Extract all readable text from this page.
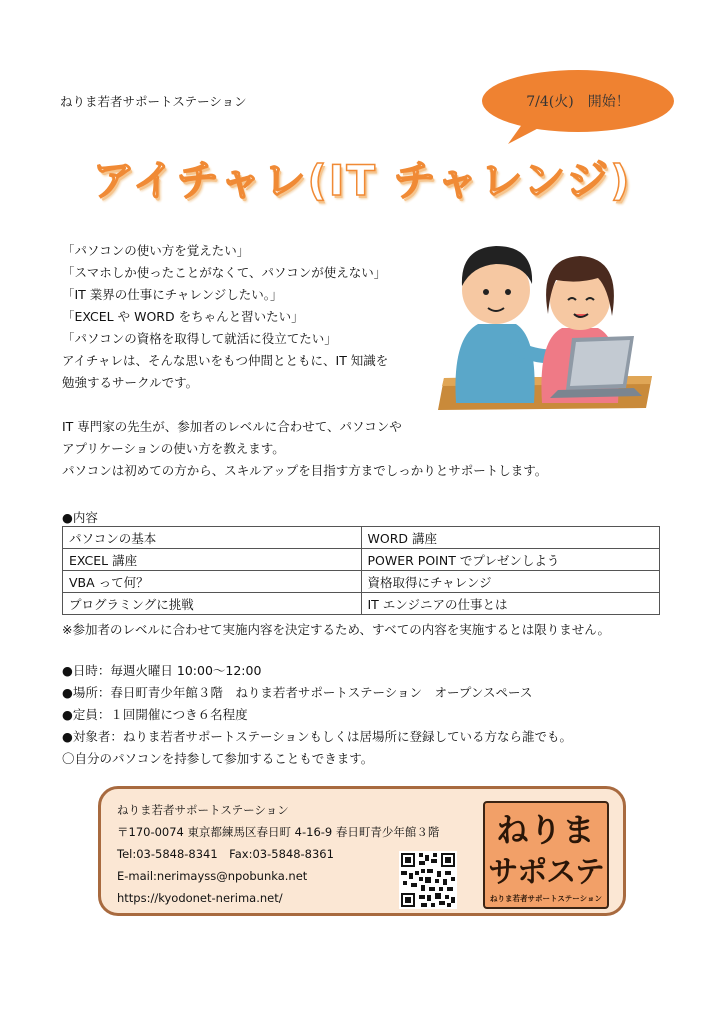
ねりま若者サポートステーション	7/4(火)　開始！
アイチャレ(IT チャレンジ)
「パソコンの使い方を覚えたい」
「スマホしか使ったことがなくて、パソコンが使えない」
「IT 業界の仕事にチャレンジしたい。」
「EXCEL や WORD をちゃんと習いたい」
「パソコンの資格を取得して就活に役立てたい」
アイチャレは、そんな思いをもつ仲間とともに、IT 知識を
勉強するサークルです。
IT 専門家の先生が、参加者のレベルに合わせて、パソコンや
アプリケーションの使い方を教えます。
パソコンは初めての方から、スキルアップを目指す方までしっかりとサポートします。
●内容
パソコンの基本	WORD 講座
EXCEL 講座	POWER POINT でプレゼンしよう
VBA って何？	資格取得にチャレンジ
プログラミングに挑戦	IT エンジニアの仕事とは
※参加者のレベルに合わせて実施内容を決定するため、すべての内容を実施するとは限りません。
●日時：毎週火曜日 10:00～12:00
●場所：春日町青少年館３階　ねりま若者サポートステーション　オープンスペース
●定員：１回開催につき６名程度
●対象者：ねりま若者サポートステーションもしくは居場所に登録している方なら誰でも。
〇自分のパソコンを持参して参加することもできます。
ねりま若者サポートステーション
〒170-0074 東京都練馬区春日町 4-16-9 春日町青少年館３階
Tel:03-5848-8341　Fax:03-5848-8361
E-mail:nerimayss@npobunka.net
https://kyodonet-nerima.net/
ねりま
サポステ
ねりま若者サポートステーション
